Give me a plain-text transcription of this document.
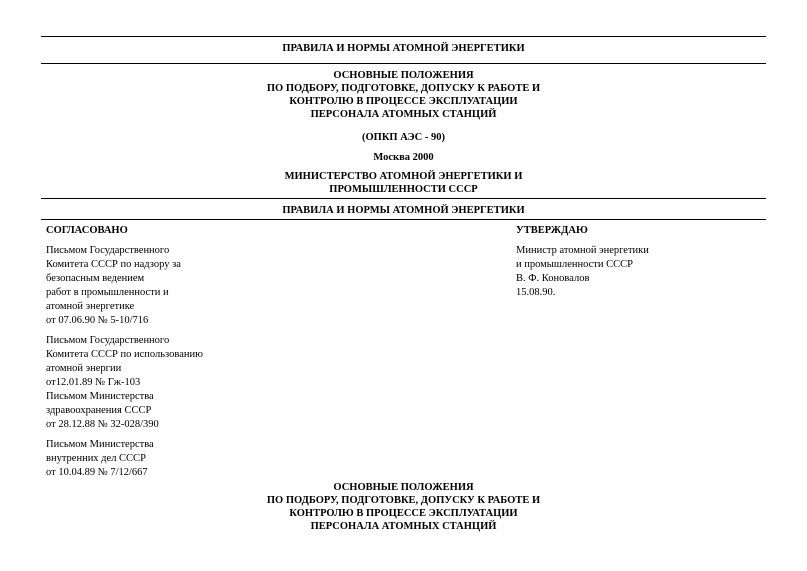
ПРАВИЛА И НОРМЫ АТОМНОЙ ЭНЕРГЕТИКИ
ОСНОВНЫЕ ПОЛОЖЕНИЯ
ПО ПОДБОРУ, ПОДГОТОВКЕ, ДОПУСКУ К РАБОТЕ И
КОНТРОЛЮ В ПРОЦЕССЕ ЭКСПЛУАТАЦИИ
ПЕРСОНАЛА АТОМНЫХ СТАНЦИЙ
(ОПКП АЭС - 90)
Москва 2000
МИНИСТЕРСТВО АТОМНОЙ ЭНЕРГЕТИКИ И
ПРОМЫШЛЕННОСТИ СССР
ПРАВИЛА И НОРМЫ АТОМНОЙ ЭНЕРГЕТИКИ
СОГЛАСОВАНО
Письмом Государственного
Комитета СССР по надзору за
безопасным ведением
работ в промышленности и
атомной энергетике
от 07.06.90 № 5-10/716
Письмом Государственного
Комитета СССР по использованию
атомной энергии
от12.01.89 № Гж-103
Письмом Министерства
здравоохранения СССР
от 28.12.88 № 32-028/390
Письмом Министерства
внутренних дел СССР
от 10.04.89 № 7/12/667
УТВЕРЖДАЮ
Министр атомной энергетики
и промышленности СССР
В. Ф. Коновалов
15.08.90.
ОСНОВНЫЕ ПОЛОЖЕНИЯ
ПО ПОДБОРУ, ПОДГОТОВКЕ, ДОПУСКУ К РАБОТЕ И
КОНТРОЛЮ В ПРОЦЕССЕ ЭКСПЛУАТАЦИИ
ПЕРСОНАЛА АТОМНЫХ СТАНЦИЙ
